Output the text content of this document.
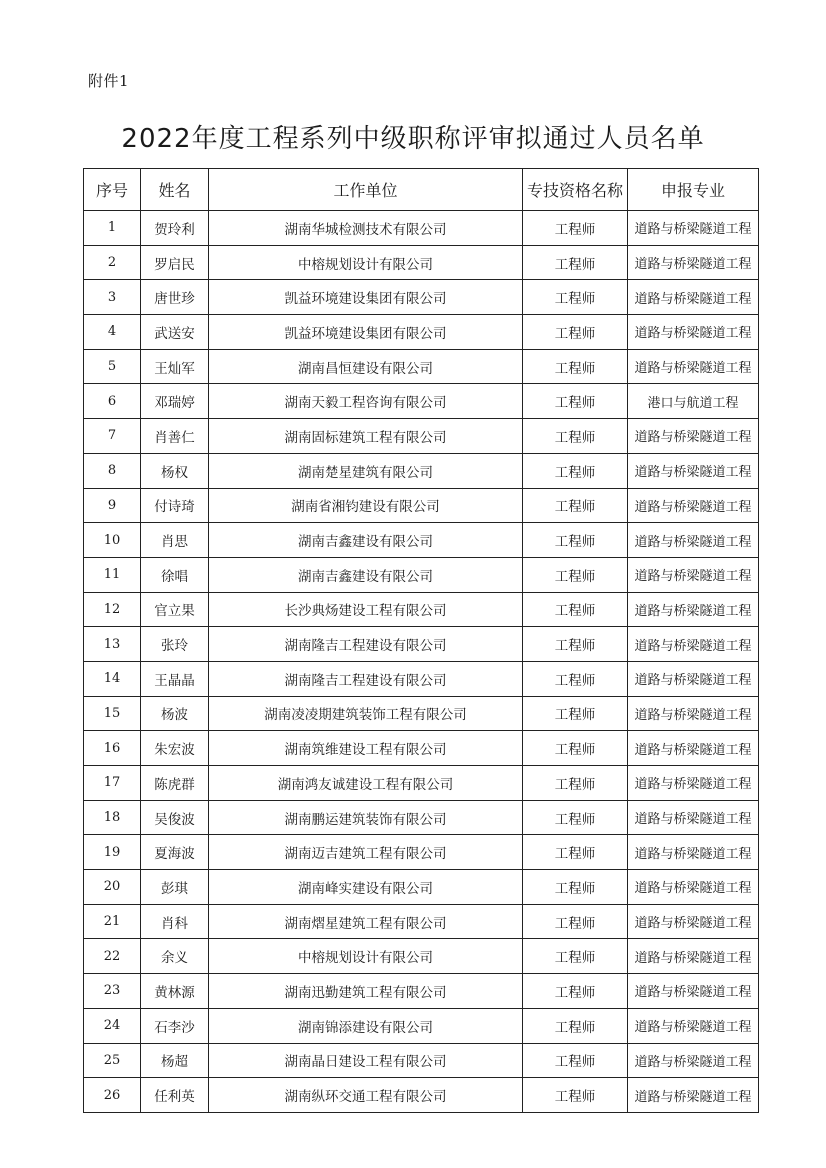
附件1
2022年度工程系列中级职称评审拟通过人员名单
序号	姓名	工作单位	专技资格名称	申报专业
1	贺玲利	湖南华城检测技术有限公司	工程师	道路与桥梁隧道工程
2	罗启民	中榕规划设计有限公司	工程师	道路与桥梁隧道工程
3	唐世珍	凯益环境建设集团有限公司	工程师	道路与桥梁隧道工程
4	武送安	凯益环境建设集团有限公司	工程师	道路与桥梁隧道工程
5	王灿军	湖南昌恒建设有限公司	工程师	道路与桥梁隧道工程
6	邓瑞婷	湖南天毅工程咨询有限公司	工程师	港口与航道工程
7	肖善仁	湖南固标建筑工程有限公司	工程师	道路与桥梁隧道工程
8	杨权	湖南楚星建筑有限公司	工程师	道路与桥梁隧道工程
9	付诗琦	湖南省湘钧建设有限公司	工程师	道路与桥梁隧道工程
10	肖思	湖南吉鑫建设有限公司	工程师	道路与桥梁隧道工程
11	徐唱	湖南吉鑫建设有限公司	工程师	道路与桥梁隧道工程
12	官立果	长沙典炀建设工程有限公司	工程师	道路与桥梁隧道工程
13	张玲	湖南隆吉工程建设有限公司	工程师	道路与桥梁隧道工程
14	王晶晶	湖南隆吉工程建设有限公司	工程师	道路与桥梁隧道工程
15	杨波	湖南凌凌期建筑装饰工程有限公司	工程师	道路与桥梁隧道工程
16	朱宏波	湖南筑维建设工程有限公司	工程师	道路与桥梁隧道工程
17	陈虎群	湖南鸿友诚建设工程有限公司	工程师	道路与桥梁隧道工程
18	吴俊波	湖南鹏运建筑装饰有限公司	工程师	道路与桥梁隧道工程
19	夏海波	湖南迈吉建筑工程有限公司	工程师	道路与桥梁隧道工程
20	彭琪	湖南峰实建设有限公司	工程师	道路与桥梁隧道工程
21	肖科	湖南熠星建筑工程有限公司	工程师	道路与桥梁隧道工程
22	余义	中榕规划设计有限公司	工程师	道路与桥梁隧道工程
23	黄林源	湖南迅勤建筑工程有限公司	工程师	道路与桥梁隧道工程
24	石李沙	湖南锦添建设有限公司	工程师	道路与桥梁隧道工程
25	杨超	湖南晶日建设工程有限公司	工程师	道路与桥梁隧道工程
26	任利英	湖南纵环交通工程有限公司	工程师	道路与桥梁隧道工程
